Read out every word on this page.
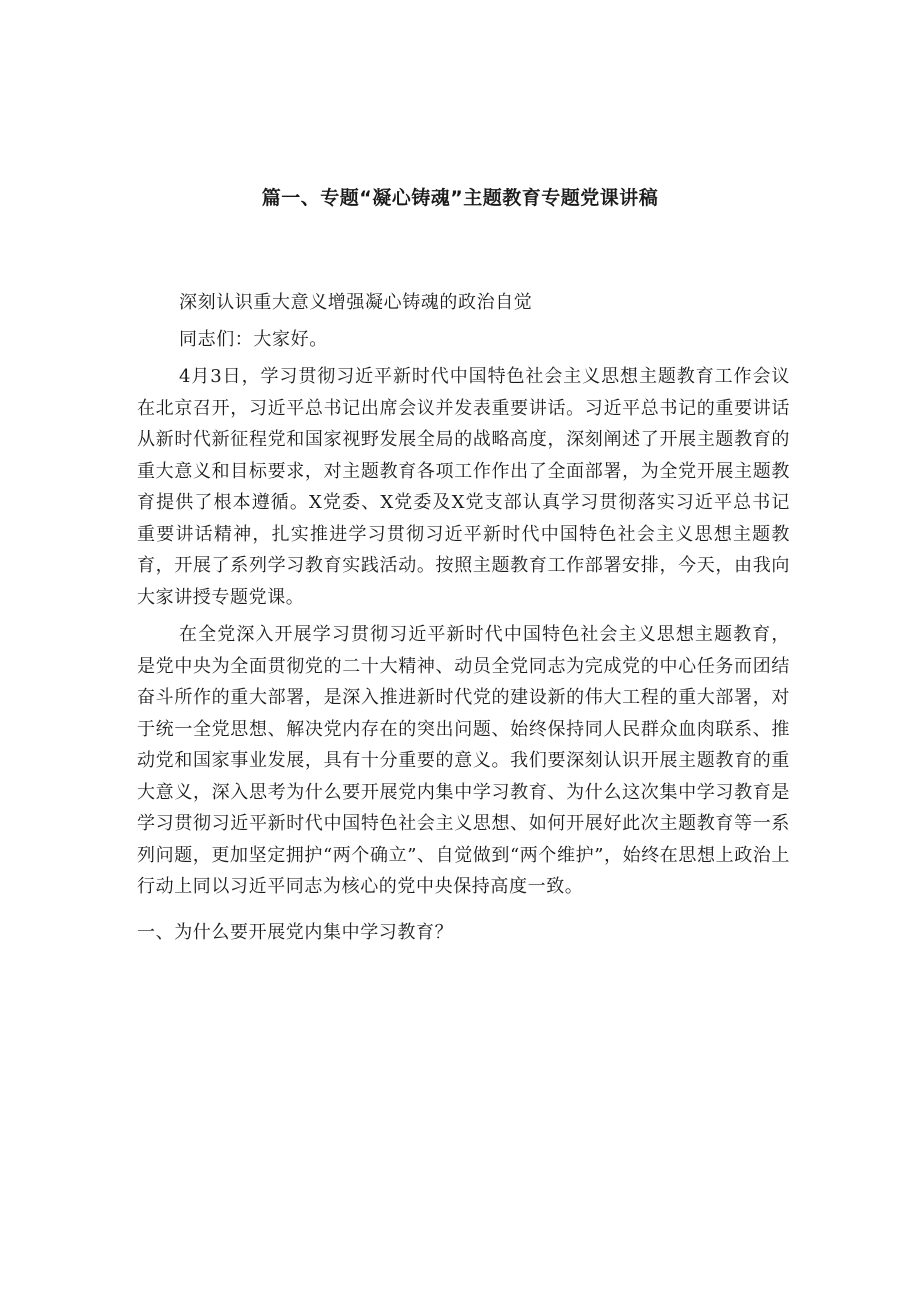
篇一、专题“凝心铸魂”主题教育专题党课讲稿

深刻认识重大意义增强凝心铸魂的政治自觉

同志们：大家好。

4月3日，学习贯彻习近平新时代中国特色社会主义思想主题教育工作会议在北京召开，习近平总书记出席会议并发表重要讲话。习近平总书记的重要讲话从新时代新征程党和国家视野发展全局的战略高度，深刻阐述了开展主题教育的重大意义和目标要求，对主题教育各项工作作出了全面部署，为全党开展主题教育提供了根本遵循。X党委、X党委及X党支部认真学习贯彻落实习近平总书记重要讲话精神，扎实推进学习贯彻习近平新时代中国特色社会主义思想主题教育，开展了系列学习教育实践活动。按照主题教育工作部署安排，今天，由我向大家讲授专题党课。

在全党深入开展学习贯彻习近平新时代中国特色社会主义思想主题教育，是党中央为全面贯彻党的二十大精神、动员全党同志为完成党的中心任务而团结奋斗所作的重大部署，是深入推进新时代党的建设新的伟大工程的重大部署，对于统一全党思想、解决党内存在的突出问题、始终保持同人民群众血肉联系、推动党和国家事业发展，具有十分重要的意义。我们要深刻认识开展主题教育的重大意义，深入思考为什么要开展党内集中学习教育、为什么这次集中学习教育是学习贯彻习近平新时代中国特色社会主义思想、如何开展好此次主题教育等一系列问题，更加坚定拥护“两个确立”、自觉做到“两个维护”，始终在思想上政治上行动上同以习近平同志为核心的党中央保持高度一致。

一、为什么要开展党内集中学习教育？
